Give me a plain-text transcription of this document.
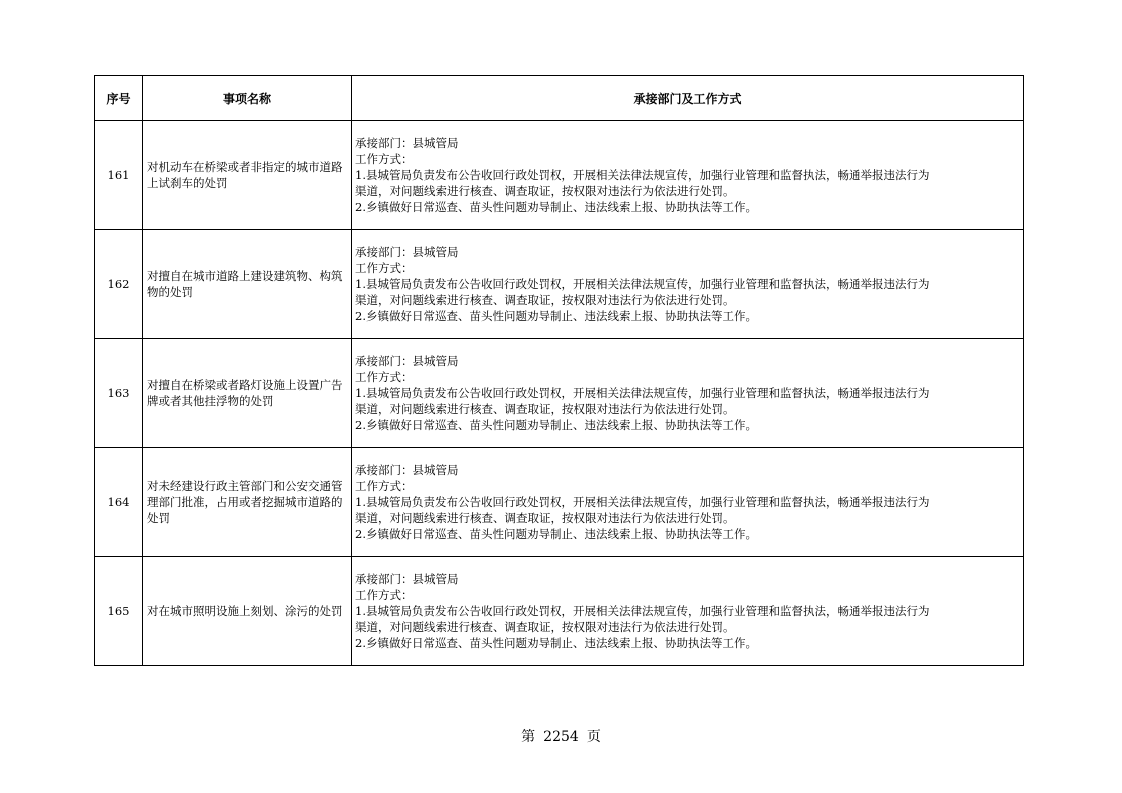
序号	事项名称	承接部门及工作方式
161	对机动车在桥梁或者非指定的城市道路上试刹车的处罚	承接部门：县城管局
工作方式：
1.县城管局负责发布公告收回行政处罚权，开展相关法律法规宣传，加强行业管理和监督执法，畅通举报违法行为
渠道，对问题线索进行核查、调查取证，按权限对违法行为依法进行处罚。
2.乡镇做好日常巡查、苗头性问题劝导制止、违法线索上报、协助执法等工作。

162	对擅自在城市道路上建设建筑物、构筑物的处罚	承接部门：县城管局
工作方式：
1.县城管局负责发布公告收回行政处罚权，开展相关法律法规宣传，加强行业管理和监督执法，畅通举报违法行为
渠道，对问题线索进行核查、调查取证，按权限对违法行为依法进行处罚。
2.乡镇做好日常巡查、苗头性问题劝导制止、违法线索上报、协助执法等工作。

163	对擅自在桥梁或者路灯设施上设置广告牌或者其他挂浮物的处罚	承接部门：县城管局
工作方式：
1.县城管局负责发布公告收回行政处罚权，开展相关法律法规宣传，加强行业管理和监督执法，畅通举报违法行为
渠道，对问题线索进行核查、调查取证，按权限对违法行为依法进行处罚。
2.乡镇做好日常巡查、苗头性问题劝导制止、违法线索上报、协助执法等工作。

164	对未经建设行政主管部门和公安交通管理部门批准，占用或者挖掘城市道路的处罚	承接部门：县城管局
工作方式：
1.县城管局负责发布公告收回行政处罚权，开展相关法律法规宣传，加强行业管理和监督执法，畅通举报违法行为
渠道，对问题线索进行核查、调查取证，按权限对违法行为依法进行处罚。
2.乡镇做好日常巡查、苗头性问题劝导制止、违法线索上报、协助执法等工作。

165	对在城市照明设施上刻划、涂污的处罚	承接部门：县城管局
工作方式：
1.县城管局负责发布公告收回行政处罚权，开展相关法律法规宣传，加强行业管理和监督执法，畅通举报违法行为
渠道，对问题线索进行核查、调查取证，按权限对违法行为依法进行处罚。
2.乡镇做好日常巡查、苗头性问题劝导制止、违法线索上报、协助执法等工作。
第 2254 页
